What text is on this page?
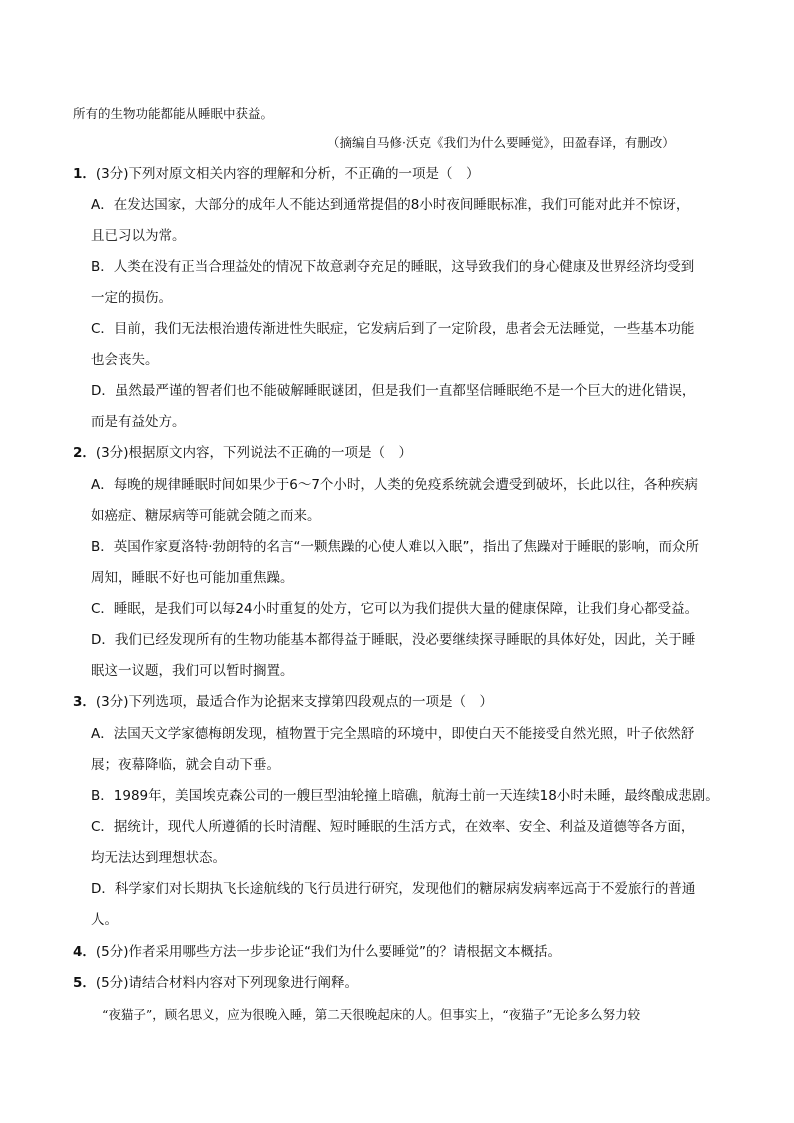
所有的生物功能都能从睡眠中获益。
（摘编自马修·沃克《我们为什么要睡觉》，田盈春译，有删改）
1．(3分)下列对原文相关内容的理解和分析，不正确的一项是（　）
A．在发达国家，大部分的成年人不能达到通常提倡的8小时夜间睡眠标准，我们可能对此并不惊讶，
且已习以为常。
B．人类在没有正当合理益处的情况下故意剥夺充足的睡眠，这导致我们的身心健康及世界经济均受到
一定的损伤。
C．目前，我们无法根治遗传渐进性失眠症，它发病后到了一定阶段，患者会无法睡觉，一些基本功能
也会丧失。
D．虽然最严谨的智者们也不能破解睡眠谜团，但是我们一直都坚信睡眠绝不是一个巨大的进化错误，
而是有益处方。
2．(3分)根据原文内容，下列说法不正确的一项是（　）
A．每晚的规律睡眠时间如果少于6～7个小时，人类的免疫系统就会遭受到破坏，长此以往，各种疾病
如癌症、糖尿病等可能就会随之而来。
B．英国作家夏洛特·勃朗特的名言“一颗焦躁的心使人难以入眠”，指出了焦躁对于睡眠的影响，而众所
周知，睡眠不好也可能加重焦躁。
C．睡眠，是我们可以每24小时重复的处方，它可以为我们提供大量的健康保障，让我们身心都受益。
D．我们已经发现所有的生物功能基本都得益于睡眠，没必要继续探寻睡眠的具体好处，因此，关于睡
眠这一议题，我们可以暂时搁置。
3．(3分)下列选项，最适合作为论据来支撑第四段观点的一项是（　）
A．法国天文学家德梅朗发现，植物置于完全黑暗的环境中，即使白天不能接受自然光照，叶子依然舒
展；夜幕降临，就会自动下垂。
B．1989年，美国埃克森公司的一艘巨型油轮撞上暗礁，航海士前一天连续18小时未睡，最终酿成悲剧。
C．据统计，现代人所遵循的长时清醒、短时睡眠的生活方式，在效率、安全、利益及道德等各方面，
均无法达到理想状态。
D．科学家们对长期执飞长途航线的飞行员进行研究，发现他们的糖尿病发病率远高于不爱旅行的普通
人。
4．(5分)作者采用哪些方法一步步论证“我们为什么要睡觉”的？请根据文本概括。
5．(5分)请结合材料内容对下列现象进行阐释。
“夜猫子”，顾名思义，应为很晚入睡，第二天很晚起床的人。但事实上，“夜猫子”无论多么努力较
